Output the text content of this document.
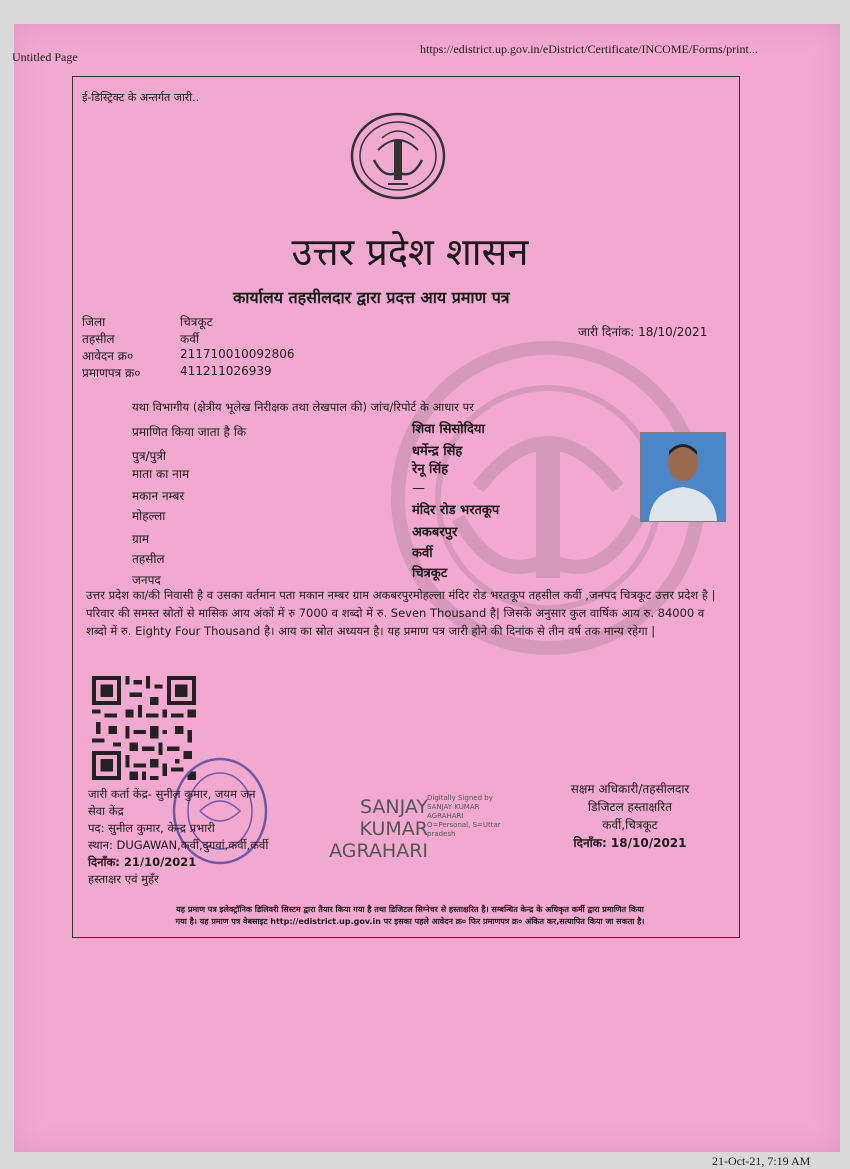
Untitled Page
https://edistrict.up.gov.in/eDistrict/Certificate/INCOME/Forms/print...
ई-डिस्ट्रिक्ट के अन्तर्गत जारी..
उत्तर प्रदेश शासन
कार्यालय तहसीलदार द्वारा प्रदत्त आय प्रमाण पत्र
जिला	चित्रकूट
तहसील	कर्वी
आवेदन क्र०	211710010092806
प्रमाणपत्र क्र०	411211026939
जारी दिनांक: 18/10/2021
यथा विभागीय (क्षेत्रीय भूलेख निरीक्षक तथा लेखपाल की) जांच/रिपोर्ट के आधार पर
प्रमाणित किया जाता है कि	शिवा सिसोदिया
पुत्र/पुत्री	धर्मेन्द्र सिंह
माता का नाम	रेनू सिंह
मकान नम्बर	—
मोहल्ला	मंदिर रोड भरतकूप
ग्राम	अकबरपुर
तहसील	कर्वी
जनपद	चित्रकूट
उत्तर प्रदेश का/की निवासी है व उसका वर्तमान पता मकान नम्बर ग्राम अकबरपुरमोहल्ला मंदिर रोड भरतकूप तहसील कर्वी ,जनपद चित्रकूट उत्तर प्रदेश है | परिवार की समस्त स्रोतों से मासिक आय अंकों में रु 7000 व शब्दो में रु. Seven Thousand है| जिसके अनुसार कुल वार्षिक आय रु. 84000 व शब्दो में रु. Eighty Four Thousand है। आय का स्रोत अध्ययन है। यह प्रमाण पत्र जारी होने की दिनांक से तीन वर्ष तक मान्य रहेगा |
जारी कर्ता केंद्र- सुनील कुमार, जयम जन
सेवा केंद्र
पद: सुनील कुमार, केन्द्र प्रभारी
स्थान: DUGAWAN,कर्वी,दुगवां,कर्वी,कर्वी
दिनाँक: 21/10/2021
हस्ताक्षर एवं मुहँर
SANJAY
KUMAR
AGRAHARI
Digitally Signed by
SANJAY KUMAR
AGRAHARI
O=Personal, S=Uttar
pradesh
सक्षम अधिकारी/तहसीलदार
डिजिटल हस्ताक्षरित
कर्वी,चित्रकूट
दिनाँक: 18/10/2021
यह प्रमाण पत्र इलेक्ट्रॉनिक डिलिवरी सिस्टम द्वारा तैयार किया गया है तथा डिजिटल सिग्नेचर से हस्ताक्षरित है। सम्बन्धित केन्द्र के अधिकृत कर्मी द्वारा प्रमाणित किया
गया है। यह प्रमाण पत्र वेबसाइट http://edistrict.up.gov.in पर इसका पहले आवेदन क्र० फिर प्रमाणपत्र क्र० अंकित कर,सत्यापित किया जा सकता है।
21-Oct-21, 7:19 AM
